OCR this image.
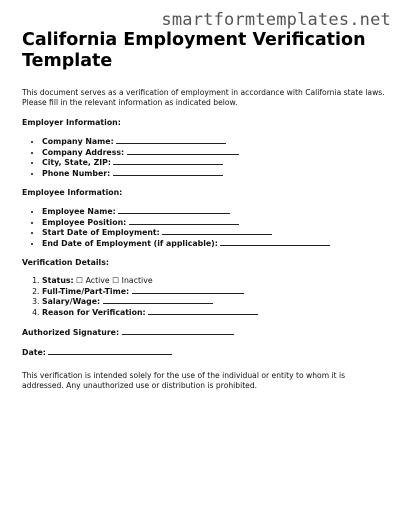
smartformtemplates.net
California Employment Verification Template

This document serves as a verification of employment in accordance with California state laws. Please fill in the relevant information as indicated below.

Employer Information:
• Company Name:
• Company Address:
• City, State, ZIP:
• Phone Number:
Employee Information:
• Employee Name:
• Employee Position:
• Start Date of Employment:
• End Date of Employment (if applicable):
Verification Details:
1. Status: ☐ Active ☐ Inactive
2. Full-Time/Part-Time:
3. Salary/Wage:
4. Reason for Verification:
Authorized Signature:
Date:

This verification is intended solely for the use of the individual or entity to whom it is addressed. Any unauthorized use or distribution is prohibited.
